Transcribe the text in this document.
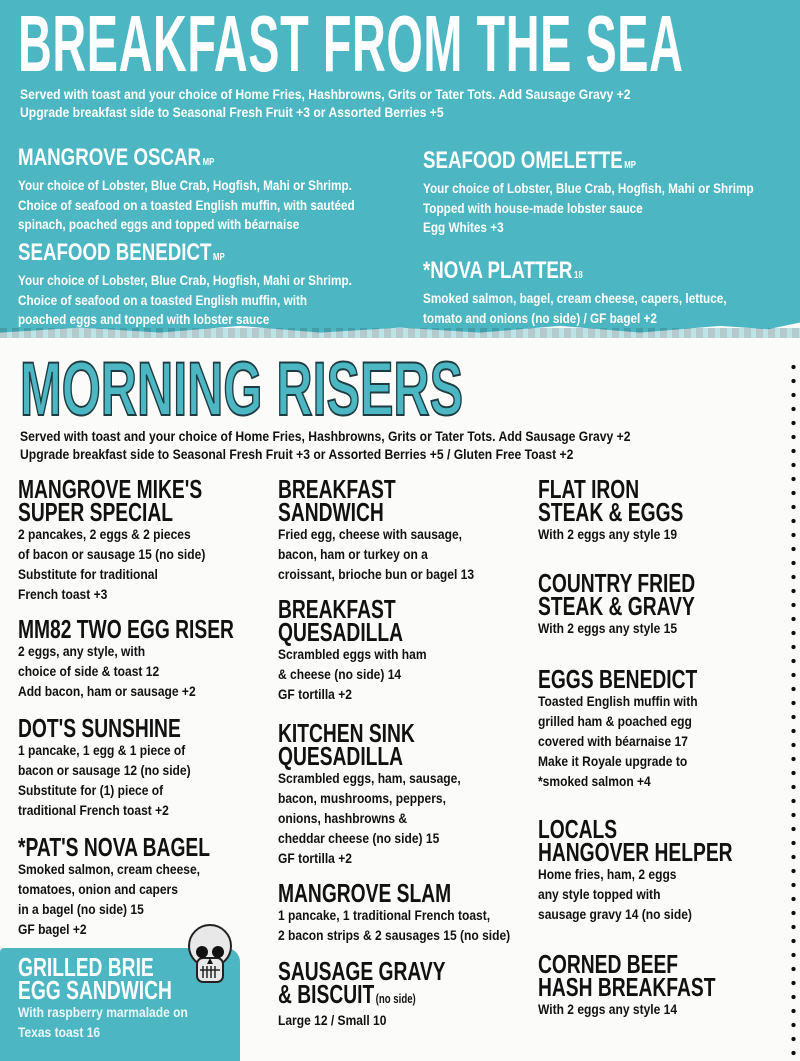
BREAKFAST FROM THE SEA
Served with toast and your choice of Home Fries, Hashbrowns, Grits or Tater Tots. Add Sausage Gravy +2
Upgrade breakfast side to Seasonal Fresh Fruit +3 or Assorted Berries +5
MANGROVE OSCAR MP
Your choice of Lobster, Blue Crab, Hogfish, Mahi or Shrimp.
Choice of seafood on a toasted English muffin, with sautéed
spinach, poached eggs and topped with béarnaise
SEAFOOD BENEDICT MP
Your choice of Lobster, Blue Crab, Hogfish, Mahi or Shrimp.
Choice of seafood on a toasted English muffin, with
poached eggs and topped with lobster sauce
SEAFOOD OMELETTE MP
Your choice of Lobster, Blue Crab, Hogfish, Mahi or Shrimp
Topped with house-made lobster sauce
Egg Whites +3
*NOVA PLATTER 18
Smoked salmon, bagel, cream cheese, capers, lettuce,
tomato and onions (no side) / GF bagel +2
MORNING RISERS
Served with toast and your choice of Home Fries, Hashbrowns, Grits or Tater Tots. Add Sausage Gravy +2
Upgrade breakfast side to Seasonal Fresh Fruit +3 or Assorted Berries +5 / Gluten Free Toast +2
MANGROVE MIKE'S
SUPER SPECIAL
2 pancakes, 2 eggs & 2 pieces
of bacon or sausage 15 (no side)
Substitute for traditional
French toast +3
MM82 TWO EGG RISER
2 eggs, any style, with
choice of side & toast 12
Add bacon, ham or sausage +2
DOT'S SUNSHINE
1 pancake, 1 egg & 1 piece of
bacon or sausage 12 (no side)
Substitute for (1) piece of
traditional French toast +2
*PAT'S NOVA BAGEL
Smoked salmon, cream cheese,
tomatoes, onion and capers
in a bagel (no side) 15
GF bagel +2
BREAKFAST
SANDWICH
Fried egg, cheese with sausage,
bacon, ham or turkey on a
croissant, brioche bun or bagel 13
BREAKFAST
QUESADILLA
Scrambled eggs with ham
& cheese (no side) 14
GF tortilla +2
KITCHEN SINK
QUESADILLA
Scrambled eggs, ham, sausage,
bacon, mushrooms, peppers,
onions, hashbrowns &
cheddar cheese (no side) 15
GF tortilla +2
MANGROVE SLAM
1 pancake, 1 traditional French toast,
2 bacon strips & 2 sausages 15 (no side)
SAUSAGE GRAVY
& BISCUIT(no side)
Large 12 / Small 10
FLAT IRON
STEAK & EGGS
With 2 eggs any style 19
COUNTRY FRIED
STEAK & GRAVY
With 2 eggs any style 15
EGGS BENEDICT
Toasted English muffin with
grilled ham & poached egg
covered with béarnaise 17
Make it Royale upgrade to
*smoked salmon +4
LOCALS
HANGOVER HELPER
Home fries, ham, 2 eggs
any style topped with
sausage gravy 14 (no side)
CORNED BEEF
HASH BREAKFAST
With 2 eggs any style 14
GRILLED BRIE
EGG SANDWICH
With raspberry marmalade on
Texas toast 16
